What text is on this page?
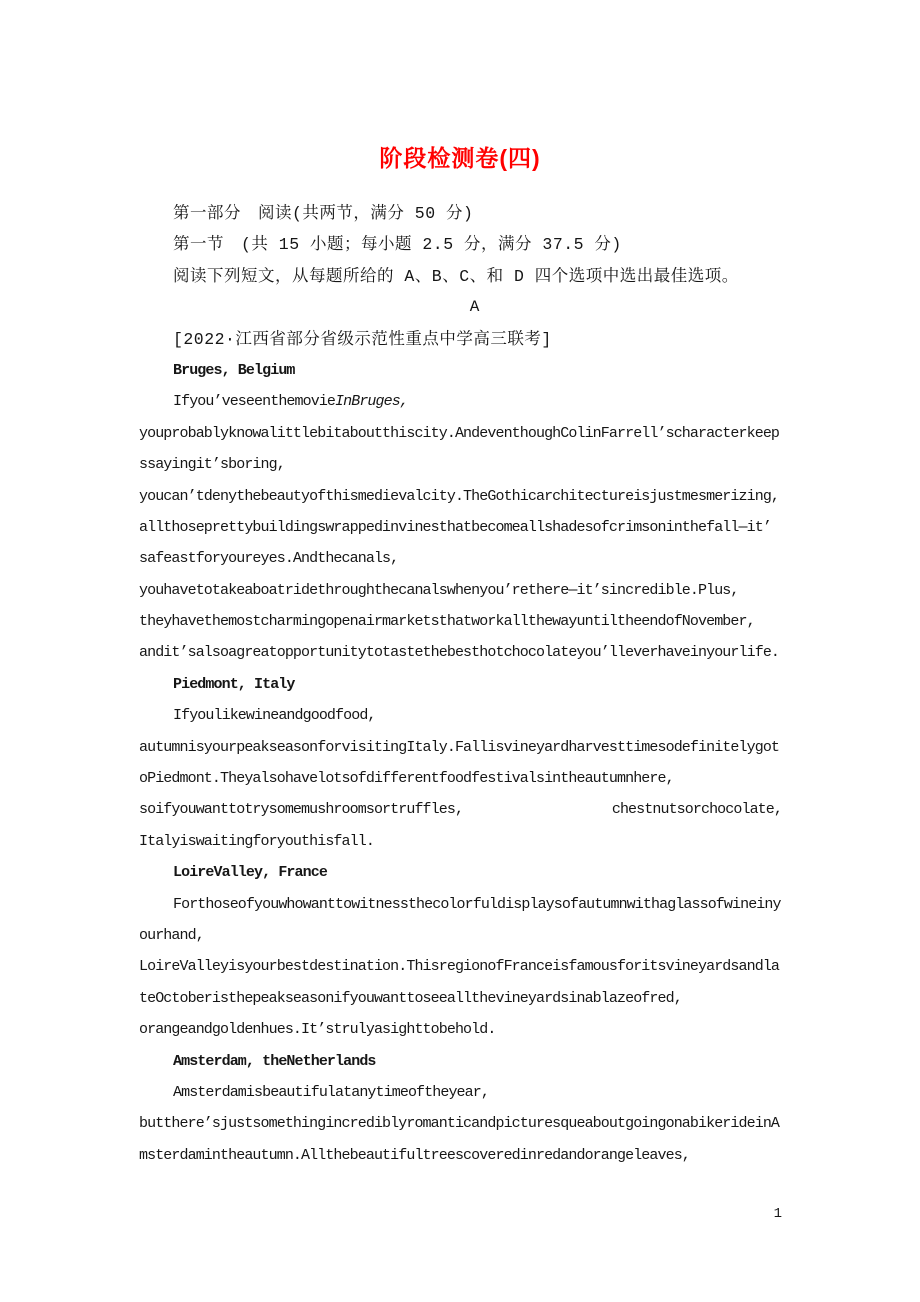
阶段检测卷(四)
第一部分　阅读(共两节，满分 50 分)
第一节　(共 15 小题；每小题 2.5 分，满分 37.5 分)
阅读下列短文，从每题所给的 A、B、C、和 D 四个选项中选出最佳选项。
A
[2022·江西省部分省级示范性重点中学高三联考]
Bruges, Belgium
Ifyou’veseenthemovieInBruges,
youprobablyknowalittlebitaboutthiscity.AndeventhoughColinFarrell’scharacterkeep
ssayingit’sboring,
youcan’tdenythebeautyofthismedievalcity.TheGothicarchitectureisjustmesmerizing,
allthoseprettybuildingswrappedinvinesthatbecomeallshadesofcrimsoninthefall—it’
safeastforyoureyes.Andthecanals,
youhavetotakeaboatridethroughthecanalswhenyou’rethere—it’sincredible.Plus,
theyhavethemostcharmingopenairmarketsthatworkallthewayuntiltheendofNovember,
andit’salsoagreatopportunitytotastethebesthotchocolateyou’lleverhaveinyourlife.
Piedmont, Italy
Ifyoulikewineandgoodfood,
autumnisyourpeakseasonforvisitingItaly.Fallisvineyardharvesttimesodefinitelygot
oPiedmont.Theyalsohavelotsofdifferentfoodfestivalsintheautumnhere,
soifyouwanttotrysomemushroomsortruffles,	chestnutsorchocolate,
Italyiswaitingforyouthisfall.
LoireValley, France
Forthoseofyouwhowanttowitnessthecolorfuldisplaysofautumnwithaglassofwineiny
ourhand,
LoireValleyisyourbestdestination.ThisregionofFranceisfamousforitsvineyardsandla
teOctoberisthepeakseasonifyouwanttoseeallthevineyardsinablazeofred,
orangeandgoldenhues.It’strulyasighttobehold.
Amsterdam, theNetherlands
Amsterdamisbeautifulatanytimeoftheyear,
butthere’sjustsomethingincrediblyromanticandpicturesqueaboutgoingonabikerideinA
msterdamintheautumn.Allthebeautifultreescoveredinredandorangeleaves,
1
